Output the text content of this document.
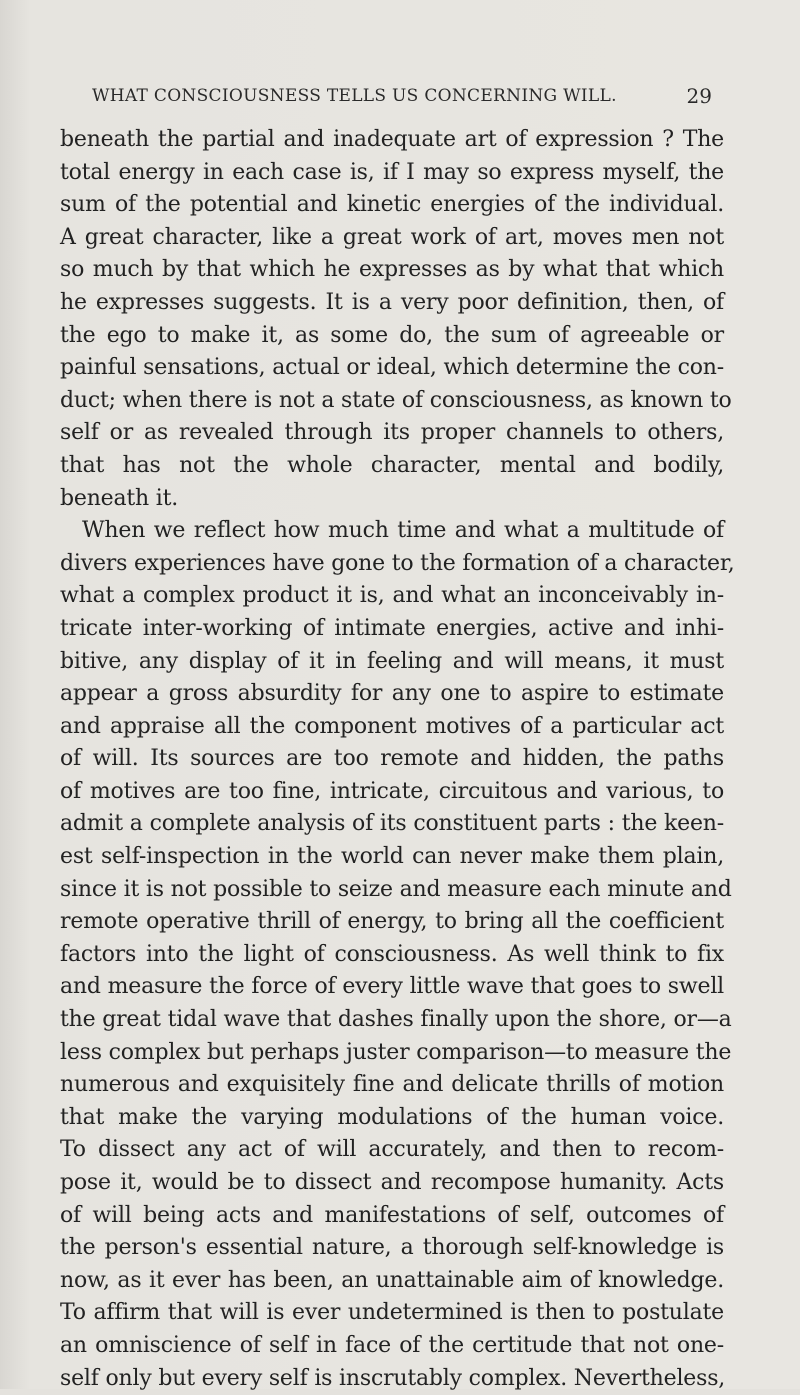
WHAT CONSCIOUSNESS TELLS US CONCERNING WILL.	29
beneath the partial and inadequate art of expression ? The
total energy in each case is, if I may so express myself, the
sum of the potential and kinetic energies of the individual.
A great character, like a great work of art, moves men not
so much by that which he expresses as by what that which
he expresses suggests. It is a very poor definition, then, of
the ego to make it, as some do, the sum of agreeable or
painful sensations, actual or ideal, which determine the con-
duct; when there is not a state of consciousness, as known to
self or as revealed through its proper channels to others,
that has not the whole character, mental and bodily,
beneath it.
When we reflect how much time and what a multitude of
divers experiences have gone to the formation of a character,
what a complex product it is, and what an inconceivably in-
tricate inter-working of intimate energies, active and inhi-
bitive, any display of it in feeling and will means, it must
appear a gross absurdity for any one to aspire to estimate
and appraise all the component motives of a particular act
of will. Its sources are too remote and hidden, the paths
of motives are too fine, intricate, circuitous and various, to
admit a complete analysis of its constituent parts : the keen-
est self-inspection in the world can never make them plain,
since it is not possible to seize and measure each minute and
remote operative thrill of energy, to bring all the coefficient
factors into the light of consciousness. As well think to fix
and measure the force of every little wave that goes to swell
the great tidal wave that dashes finally upon the shore, or—a
less complex but perhaps juster comparison—to measure the
numerous and exquisitely fine and delicate thrills of motion
that make the varying modulations of the human voice.
To dissect any act of will accurately, and then to recom-
pose it, would be to dissect and recompose humanity. Acts
of will being acts and manifestations of self, outcomes of
the person's essential nature, a thorough self-knowledge is
now, as it ever has been, an unattainable aim of knowledge.
To affirm that will is ever undetermined is then to postulate
an omniscience of self in face of the certitude that not one-
self only but every self is inscrutably complex. Nevertheless,
